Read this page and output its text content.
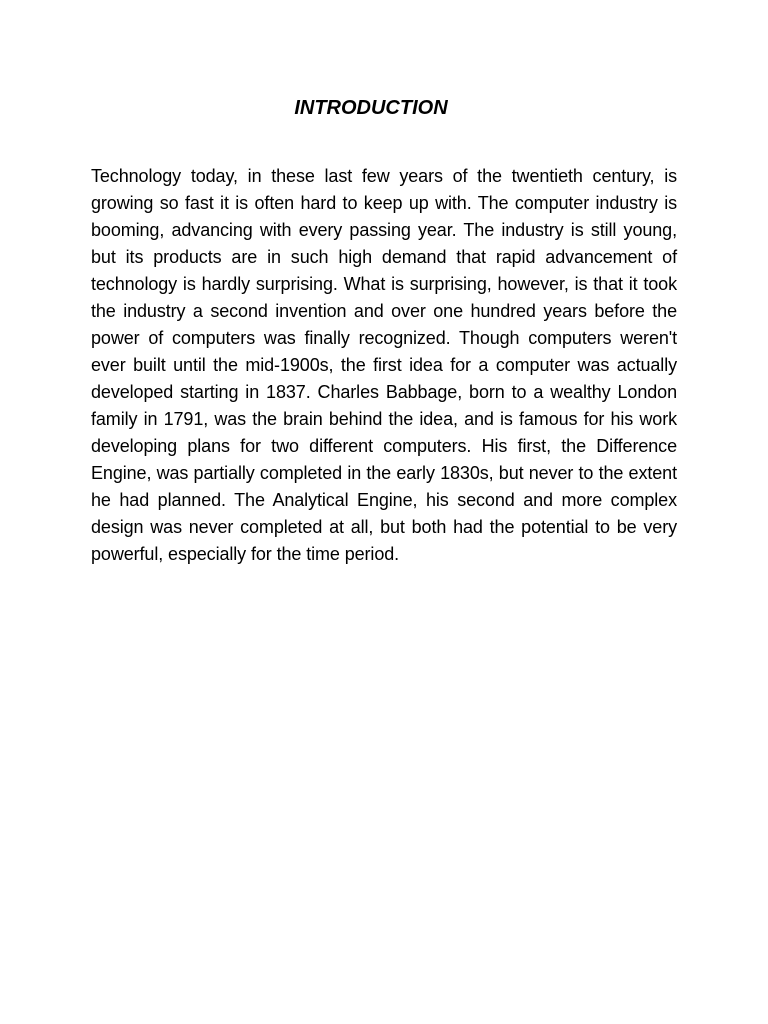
INTRODUCTION

Technology today, in these last few years of the twentieth century, is growing so fast it is often hard to keep up with. The computer industry is booming, advancing with every passing year. The industry is still young, but its products are in such high demand that rapid advancement of technology is hardly surprising. What is surprising, however, is that it took the industry a second invention and over one hundred years before the power of computers was finally recognized. Though computers weren't ever built until the mid-1900s, the first idea for a computer was actually developed starting in 1837. Charles Babbage, born to a wealthy London family in 1791, was the brain behind the idea, and is famous for his work developing plans for two different computers. His first, the Difference Engine, was partially completed in the early 1830s, but never to the extent he had planned. The Analytical Engine, his second and more complex design was never completed at all, but both had the potential to be very powerful, especially for the time period.
